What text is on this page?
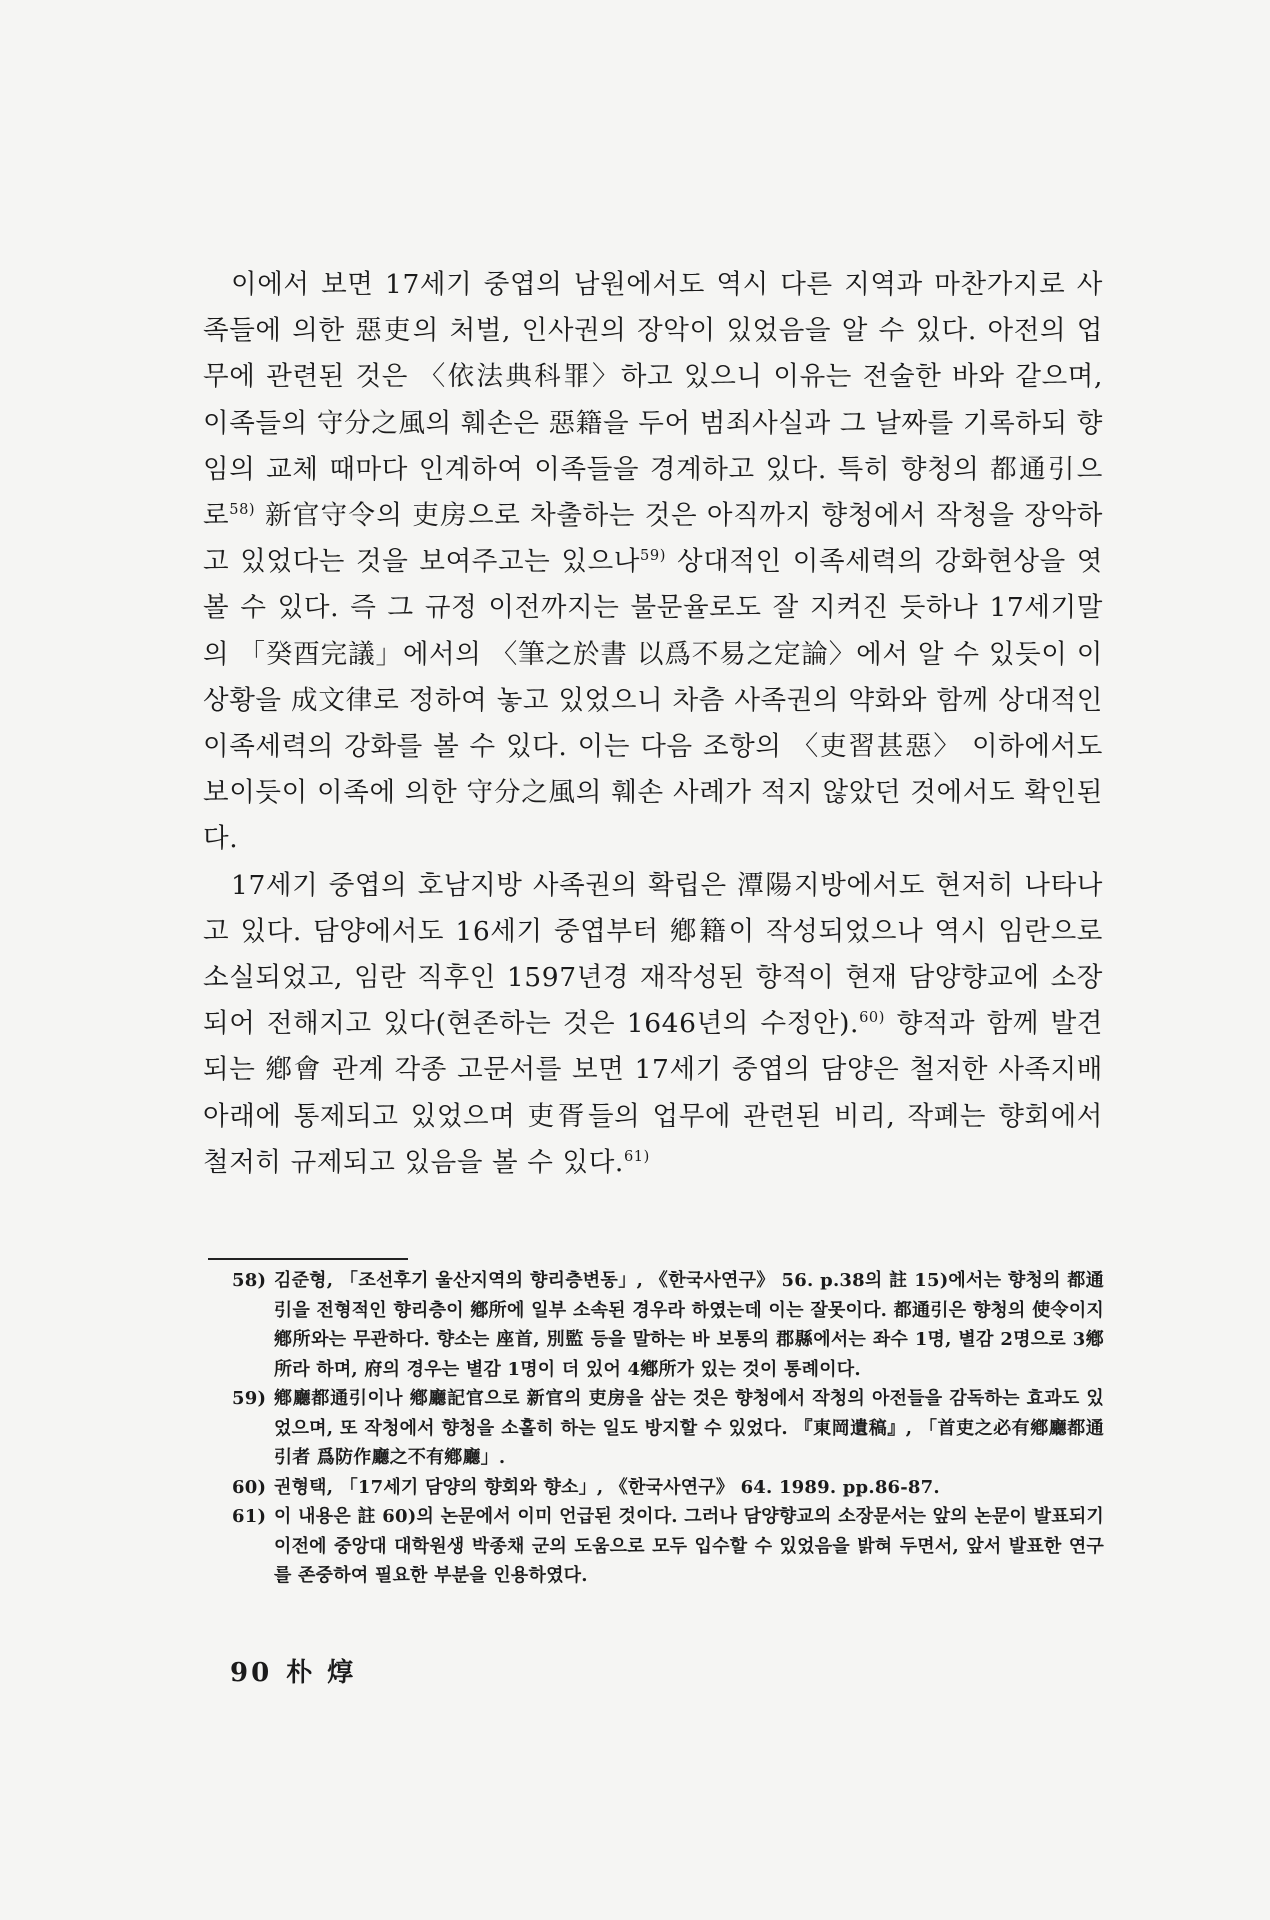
이에서 보면 17세기 중엽의 남원에서도 역시 다른 지역과 마찬가지로 사족들에 의한 惡吏의 처벌, 인사권의 장악이 있었음을 알 수 있다. 아전의 업무에 관련된 것은 〈依法典科罪〉하고 있으니 이유는 전술한 바와 같으며, 이족들의 守分之風의 훼손은 惡籍을 두어 범죄사실과 그 날짜를 기록하되 향임의 교체 때마다 인계하여 이족들을 경계하고 있다. 특히 향청의 都通引으로$^{58)}$ 新官守令의 吏房으로 차출하는 것은 아직까지 향청에서 작청을 장악하고 있었다는 것을 보여주고는 있으나$^{59)}$ 상대적인 이족세력의 강화현상을 엿볼 수 있다. 즉 그 규정 이전까지는 불문율로도 잘 지켜진 듯하나 17세기말의 「癸酉完議」에서의 〈筆之於書 以爲不易之定論〉에서 알 수 있듯이 이 상황을 成文律로 정하여 놓고 있었으니 차츰 사족권의 약화와 함께 상대적인 이족세력의 강화를 볼 수 있다. 이는 다음 조항의 〈吏習甚惡〉 이하에서도 보이듯이 이족에 의한 守分之風의 훼손 사례가 적지 않았던 것에서도 확인된다.

17세기 중엽의 호남지방 사족권의 확립은 潭陽지방에서도 현저히 나타나고 있다. 담양에서도 16세기 중엽부터 鄕籍이 작성되었으나 역시 임란으로 소실되었고, 임란 직후인 1597년경 재작성된 향적이 현재 담양향교에 소장되어 전해지고 있다(현존하는 것은 1646년의 수정안).$^{60)}$ 향적과 함께 발견되는 鄕會 관계 각종 고문서를 보면 17세기 중엽의 담양은 철저한 사족지배 아래에 통제되고 있었으며 吏胥들의 업무에 관련된 비리, 작폐는 향회에서 철저히 규제되고 있음을 볼 수 있다.$^{61)}$

58) 김준형, 「조선후기 울산지역의 향리층변동」, 《한국사연구》 56. p.38의 註 15)에서는 향청의 都通引을 전형적인 향리층이 鄕所에 일부 소속된 경우라 하였는데 이는 잘못이다. 都通引은 향청의 使令이지 鄕所와는 무관하다. 향소는 座首, 別監 등을 말하는 바 보통의 郡縣에서는 좌수 1명, 별감 2명으로 3鄕所라 하며, 府의 경우는 별감 1명이 더 있어 4鄕所가 있는 것이 통례이다.
59) 鄕廳都通引이나 鄕廳記官으로 新官의 吏房을 삼는 것은 향청에서 작청의 아전들을 감독하는 효과도 있었으며, 또 작청에서 향청을 소홀히 하는 일도 방지할 수 있었다. 『東岡遺稿』, 「首吏之必有鄕廳都通引者 爲防作廳之不有鄕廳」.
60) 권형택, 「17세기 담양의 향회와 향소」, 《한국사연구》 64. 1989. pp.86-87.
61) 이 내용은 註 60)의 논문에서 이미 언급된 것이다. 그러나 담양향교의 소장문서는 앞의 논문이 발표되기 이전에 중앙대 대학원생 박종채 군의 도움으로 모두 입수할 수 있었음을 밝혀 두면서, 앞서 발표한 연구를 존중하여 필요한 부분을 인용하였다.
90 朴 焞
